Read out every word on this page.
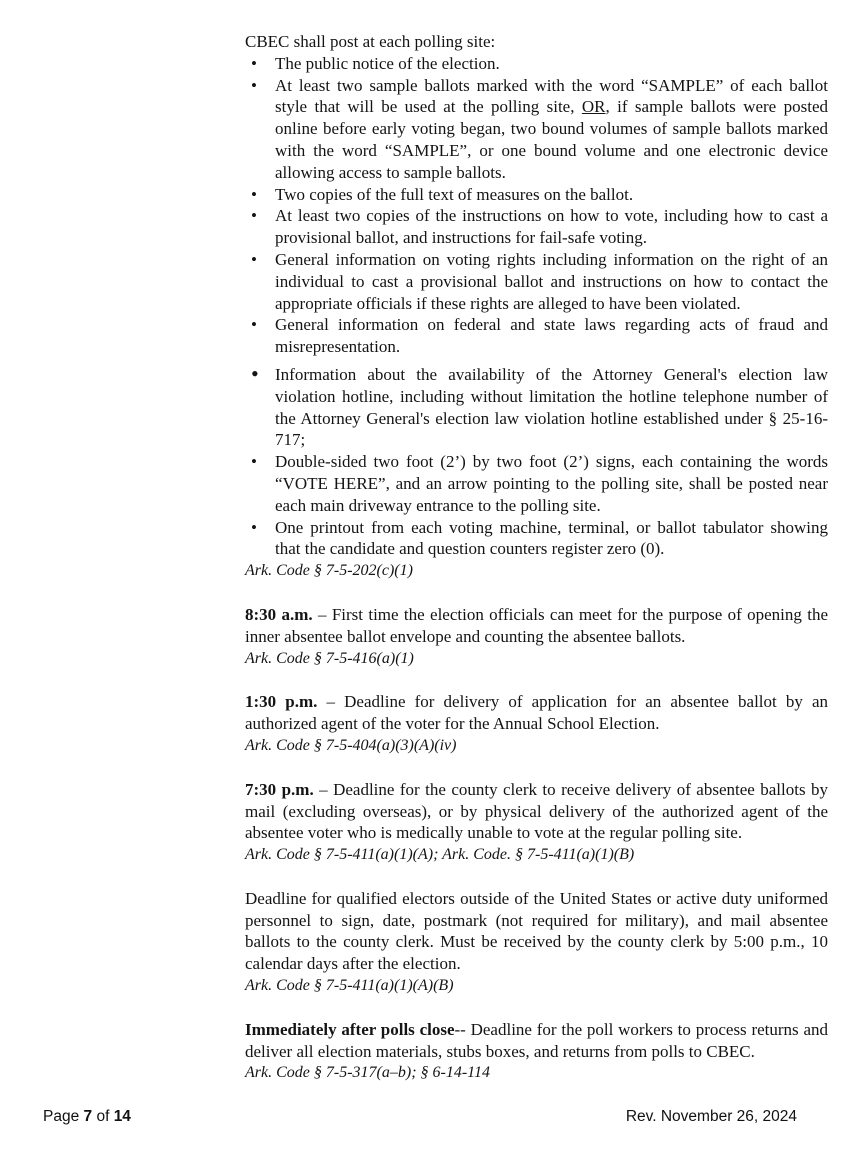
CBEC shall post at each polling site:

• The public notice of the election.
• At least two sample ballots marked with the word “SAMPLE” of each ballot style that will be used at the polling site, OR, if sample ballots were posted online before early voting began, two bound volumes of sample ballots marked with the word “SAMPLE”, or one bound volume and one electronic device allowing access to sample ballots.
• Two copies of the full text of measures on the ballot.
• At least two copies of the instructions on how to vote, including how to cast a provisional ballot, and instructions for fail-safe voting.
• General information on voting rights including information on the right of an individual to cast a provisional ballot and instructions on how to contact the appropriate officials if these rights are alleged to have been violated.
• General information on federal and state laws regarding acts of fraud and misrepresentation.
• Information about the availability of the Attorney General's election law violation hotline, including without limitation the hotline telephone number of the Attorney General's election law violation hotline established under § 25-16-717;
• Double-sided two foot (2’) by two foot (2’) signs, each containing the words “VOTE HERE”, and an arrow pointing to the polling site, shall be posted near each main driveway entrance to the polling site.
• One printout from each voting machine, terminal, or ballot tabulator showing that the candidate and question counters register zero (0).

Ark. Code § 7-5-202(c)(1)

8:30 a.m. – First time the election officials can meet for the purpose of opening the inner absentee ballot envelope and counting the absentee ballots.

Ark. Code § 7-5-416(a)(1)

1:30 p.m. – Deadline for delivery of application for an absentee ballot by an authorized agent of the voter for the Annual School Election.

Ark. Code § 7-5-404(a)(3)(A)(iv)

7:30 p.m. – Deadline for the county clerk to receive delivery of absentee ballots by mail (excluding overseas), or by physical delivery of the authorized agent of the absentee voter who is medically unable to vote at the regular polling site.

Ark. Code § 7-5-411(a)(1)(A); Ark. Code. § 7-5-411(a)(1)(B)

Deadline for qualified electors outside of the United States or active duty uniformed personnel to sign, date, postmark (not required for military), and mail absentee ballots to the county clerk. Must be received by the county clerk by 5:00 p.m., 10 calendar days after the election.

Ark. Code § 7-5-411(a)(1)(A)(B)

Immediately after polls close-- Deadline for the poll workers to process returns and deliver all election materials, stubs boxes, and returns from polls to CBEC.

Ark. Code § 7-5-317(a–b); § 6-14-114

Page 7 of 14	Rev. November 26, 2024
